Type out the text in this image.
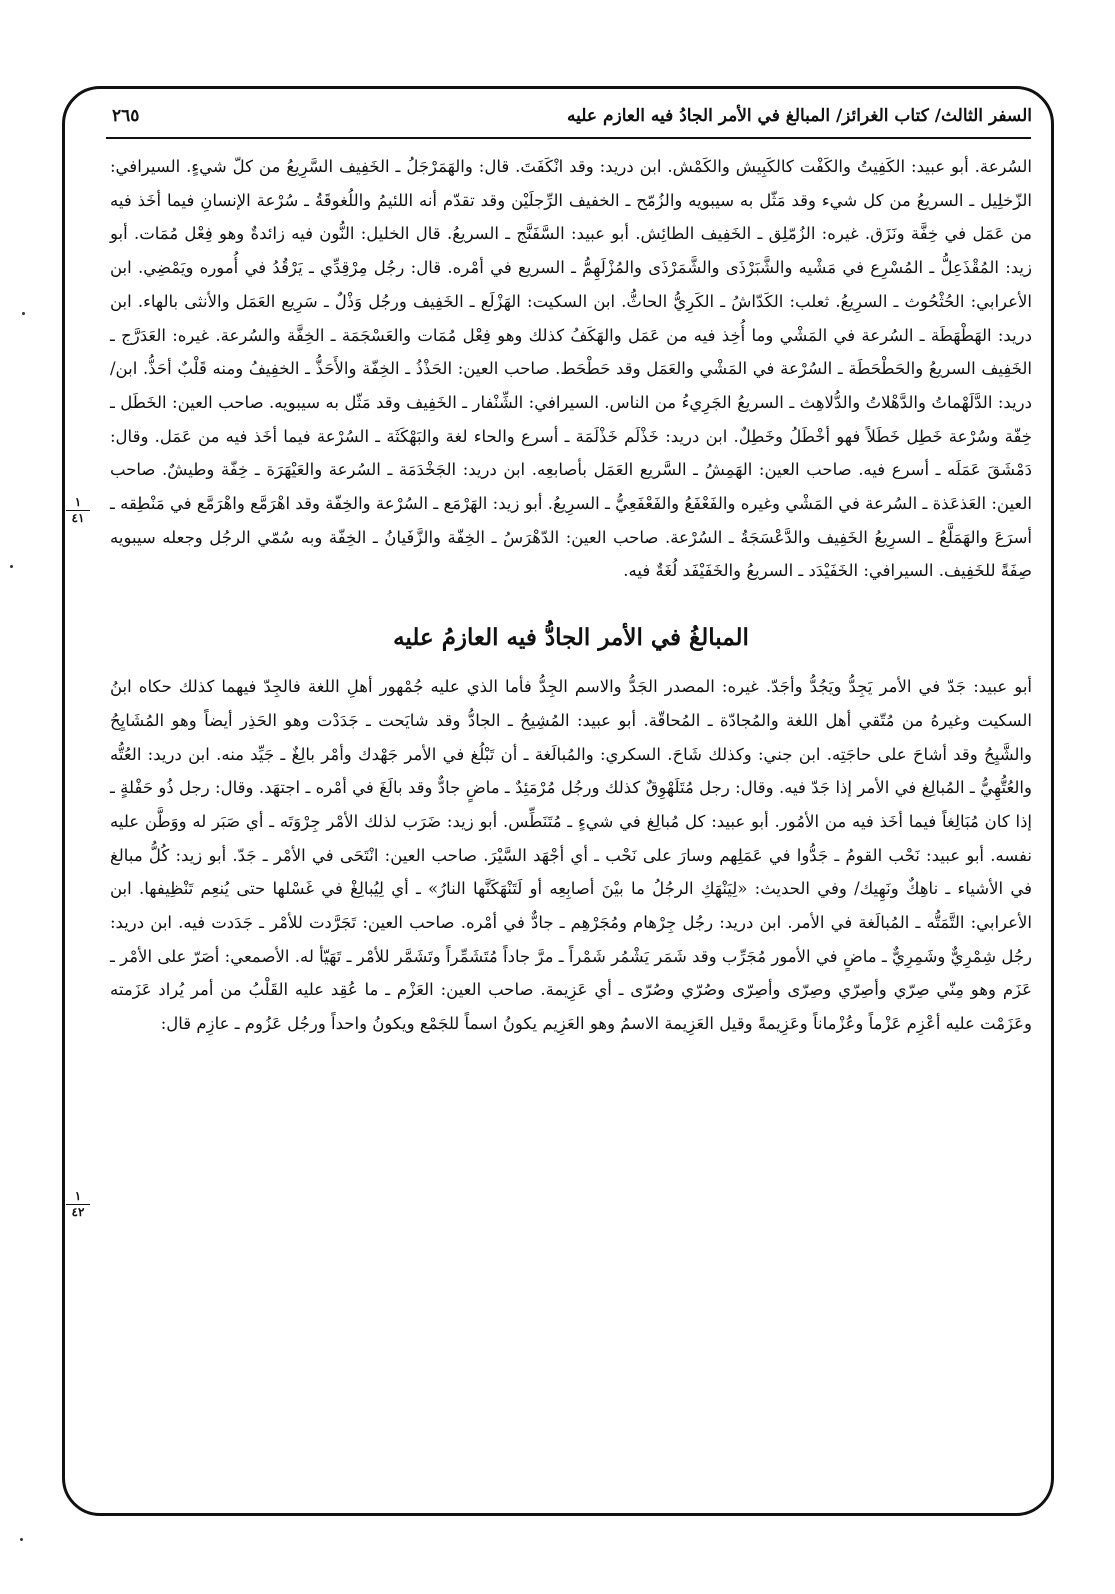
السفر الثالث/ كتاب الغرائز/ المبالغ في الأمر الجادُ فيه العازم عليه
٢٦٥
١
٤١
١
٤٢

السُرعة. أبو عبيد: الكَفِيتُ والكَفْت كالكَبِيش والكَمْش. ابن دريد: وقد انْكَفَتَ. قال: والهَمَرْجَلُ ـ الخَفِيف السَّرِيعُ من كلّ شيءٍ. السيرافي: الزّخلِيل ـ السريعُ من كل شيء وقد مَثّل به سيبويه والزُمّح ـ الخفيف الرِّجلَيْن وقد تقدّم أنه اللئيمُ واللُغوقَةُ ـ سُرْعة الإنسانِ فيما أخَذ فيه من عَمَل في خِفَّة ونَزَق. غيره: الزُمّلِق ـ الخَفِيف الطائِش. أبو عبيد: السَّفَنَّج ـ السريعُ. قال الخليل: النُّون فيه زائدةٌ وهو فِعْل مُمَات. أبو زيد: المُقْذَعِلُّ ـ المُسْرِع في مَشْيه والشَّبَرْذَى والشَّمَرْذَى والمُزْلَهِمُّ ـ السريع في أمْره. قال: رجُل مِرْقِدِّي ـ يَرْقُدُ في أُموره ويَمْضِي. ابن الأعرابي: الحُثْحُوث ـ السرِيعُ. ثعلب: الكَدّاشُ ـ الكَرِيُّ الحاثُّ. ابن السكيت: الهَزْلَع ـ الخَفِيف ورجُل وَذْلٌ ـ سَرِيع العَمَل والأنثى بالهاء. ابن دريد: الهَطْهَطَة ـ السُرعة في المَشْي وما أُخِذ فيه من عَمَل والهَكَفُ كذلك وهو فِعْل مُمَات والعَسْجَمَة ـ الخِفَّة والسُرعة. غيره: العَدَرَّج ـ الخَفِيف السريعُ والحَطْحَطَة ـ السُرْعة في المَشْي والعَمَل وقد حَطْحَط. صاحب العين: الحَذْذُ ـ الخِفّة والأَحَذُّ ـ الخفِيفُ ومنه قَلْبٌ أحَذُّ. ابن/ دريد: الدَّلَهْماتُ والدَّهْلاتُ والدُّلاهِث ـ السريعُ الجَرِيءُ من الناس. السيرافي: الشِّنْفار ـ الخَفِيف وقد مَثّل به سيبويه. صاحب العين: الخَطَل ـ خِفّة وسُرْعة خَطِل خَطَلاً فهو أخْطَلُ وخَطِلٌ. ابن دريد: خَذْلَم خَذْلَمَة ـ أسرع والحاء لغة والبَهْكَثَة ـ السُرْعة فيما أخَذ فيه من عَمَل. وقال: دَمْشَقَ عَمَلَه ـ أسرع فيه. صاحب العين: الهَمِشُ ـ السَّريع العَمَل بأصابعِه. ابن دريد: الجَخْدَمَة ـ السُرعة والعَيْهَرَة ـ خِفّة وطيشٌ. صاحب العين: العَذعَذة ـ السُرعة في المَشْي وغيره والفَعْفَعُ والفَعْفَعِيُّ ـ السرِيعُ. أبو زيد: الهَرْمَع ـ السُرْعة والخِفّة وقد اهْرَمَّع واهْرَمَّع في مَنْطِقه ـ أسرَعَ والهَمَلَّعُ ـ السرِيعُ الخَفِيف والدَّعْسَجَةُ ـ السُرْعة. صاحب العين: الدّهْرَسُ ـ الخِفّة والزَّفَيانُ ـ الخِفّة وبه سُمّي الرجُل وجعله سيبويه صِفَةً للخَفِيف. السيرافي: الخَفَيْدَد ـ السريعُ والخَفَيْفَد لُغَةٌ فيه.

المبالغُ في الأمر الجادُّ فيه العازمُ عليه

أبو عبيد: جَدّ في الأمر يَجِدُّ ويَجُدُّ وأجَدّ. غيره: المصدر الجَدُّ والاسم الجِدُّ فأما الذي عليه جُمْهور أهلِ اللغة فالجِدّ فيهما كذلك حكاه ابنُ السكيت وغيرهُ من مُتّقي أهل اللغة والمُجادّة ـ المُحاقّة. أبو عبيد: المُشِيحُ ـ الجادُّ وقد شايَحت ـ جَدَدْت وهو الحَذِر أيضاً وهو المُشَايِحُ والشَّيِحُ وقد أشاحَ على حاجَتِه. ابن جني: وكذلك شَاحَ. السكري: والمُبالَغة ـ أن تَبْلُغ في الأمر جَهْدك وأمْر بالِغٌ ـ جَيِّد منه. ابن دريد: العُتُّه والعُتُّهِيُّ ـ المُبالِغ في الأمر إذا جَدّ فيه. وقال: رجل مُتَلَهْوِقٌ كذلك ورجُل مُرْمَئِدٌ ـ ماضٍ جادٌّ وقد بالَغَ في أمْره ـ اجتهَد. وقال: رجل ذُو حَفْلةٍ ـ إذا كان مُبَالِغاً فيما أخَذ فيه من الأمُور. أبو عبيد: كل مُبالِغ في شيءٍ ـ مُتَنَطِّس. أبو زيد: ضَرَب لذلك الأمْر جِرْوَتَه ـ أي صَبَر له ووَطَّن عليه نفسه. أبو عبيد: نَحْب القومُ ـ جَدُّوا في عَمَلِهم وسارَ على نَحْب ـ أي أجْهَد السَّيْرَ. صاحب العين: انْتَحَى في الأمْر ـ جَدّ. أبو زيد: كُلُّ مبالغ في الأشياء ـ ناهِكٌ ونَهِيك/ وفي الحديث: «لِيَنْهَكِ الرجُلُ ما بيْنَ أصابِعِه أو لَتَنْهَكَنَّها النارُ» ـ أي لِيُبالِغْ في غَسْلها حتى يُنعِم تَنْظِيفها. ابن الأعرابي: التَّمَتُّه ـ المُبالَغة في الأمر. ابن دريد: رجُل جِرْهام ومُجَرْهِم ـ جادٌّ في أمْره. صاحب العين: تَجَرَّدت للأمْر ـ جَدَدت فيه. ابن دريد: رجُل شِمْرِيٌّ وشَمِرِيٌّ ـ ماضٍ في الأمور مُجَرِّب وقد شَمَر يَشْمُر شَمْراً ـ مرَّ جاداً مُتَشَمِّراً وتَشَمَّر للأمْر ـ تَهَيّأ له. الأصمعي: أصَرّ على الأمْر ـ عَزَم وهو مِنّي صِرّي وأصِرّي وصِرّى وأصِرّى وصُرّي وصُرّى ـ أي عَزِيمة. صاحب العين: العَزْم ـ ما عُقِد عليه القَلْبُ من أمر يُراد عَزَمته وعَزَمْت عليه أعْزِم عَزْماً وعُزْماناً وعَزِيمةً وقيل العَزِيمة الاسمُ وهو العَزِيم يكونُ اسماً للجَمْع ويكونُ واحداً ورجُل عَزُوم ـ عازِم قال:
